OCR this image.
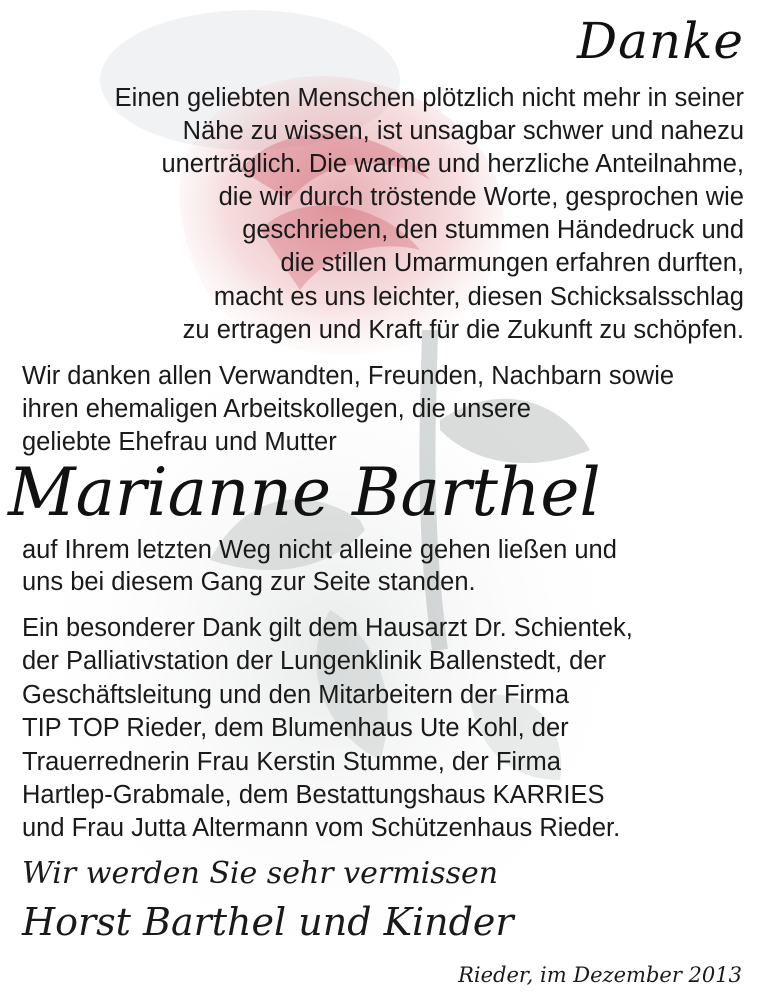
Danke
Einen geliebten Menschen plötzlich nicht mehr in seiner
Nähe zu wissen, ist unsagbar schwer und nahezu
unerträglich. Die warme und herzliche Anteilnahme,
die wir durch tröstende Worte, gesprochen wie
geschrieben, den stummen Händedruck und
die stillen Umarmungen erfahren durften,
macht es uns leichter, diesen Schicksalsschlag
zu ertragen und Kraft für die Zukunft zu schöpfen.
Wir danken allen Verwandten, Freunden, Nachbarn sowie
ihren ehemaligen Arbeitskollegen, die unsere
geliebte Ehefrau und Mutter
Marianne Barthel
auf Ihrem letzten Weg nicht alleine gehen ließen und
uns bei diesem Gang zur Seite standen.
Ein besonderer Dank gilt dem Hausarzt Dr. Schientek,
der Palliativstation der Lungenklinik Ballenstedt, der
Geschäftsleitung und den Mitarbeitern der Firma
TIP TOP Rieder, dem Blumenhaus Ute Kohl, der
Trauerrednerin Frau Kerstin Stumme, der Firma
Hartlep-Grabmale, dem Bestattungshaus KARRIES
und Frau Jutta Altermann vom Schützenhaus Rieder.
Wir werden Sie sehr vermissen
Horst Barthel und Kinder
Rieder, im Dezember 2013
